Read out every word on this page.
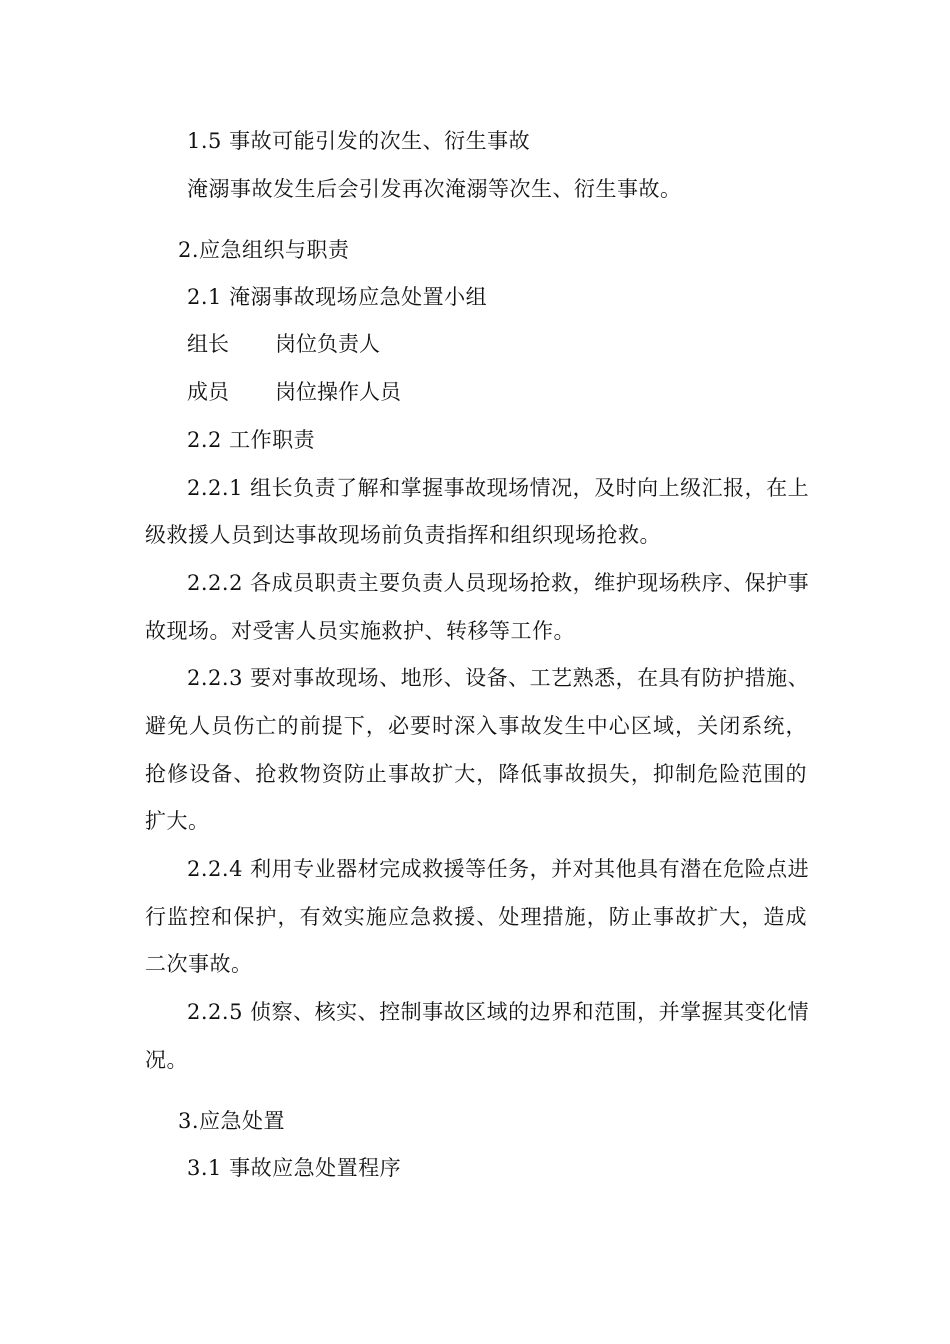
1.5 事故可能引发的次生、衍生事故
淹溺事故发生后会引发再次淹溺等次生、衍生事故。
2.应急组织与职责
2.1 淹溺事故现场应急处置小组
组长 岗位负责人
成员 岗位操作人员
2.2 工作职责
2.2.1 组长负责了解和掌握事故现场情况，及时向上级汇报，在上
级救援人员到达事故现场前负责指挥和组织现场抢救。
2.2.2 各成员职责主要负责人员现场抢救，维护现场秩序、保护事
故现场。对受害人员实施救护、转移等工作。
2.2.3 要对事故现场、地形、设备、工艺熟悉，在具有防护措施、
避免人员伤亡的前提下，必要时深入事故发生中心区域，关闭系统，
抢修设备、抢救物资防止事故扩大，降低事故损失，抑制危险范围的
扩大。
2.2.4 利用专业器材完成救援等任务，并对其他具有潜在危险点进
行监控和保护，有效实施应急救援、处理措施，防止事故扩大，造成
二次事故。
2.2.5 侦察、核实、控制事故区域的边界和范围，并掌握其变化情
况。
3.应急处置
3.1 事故应急处置程序
